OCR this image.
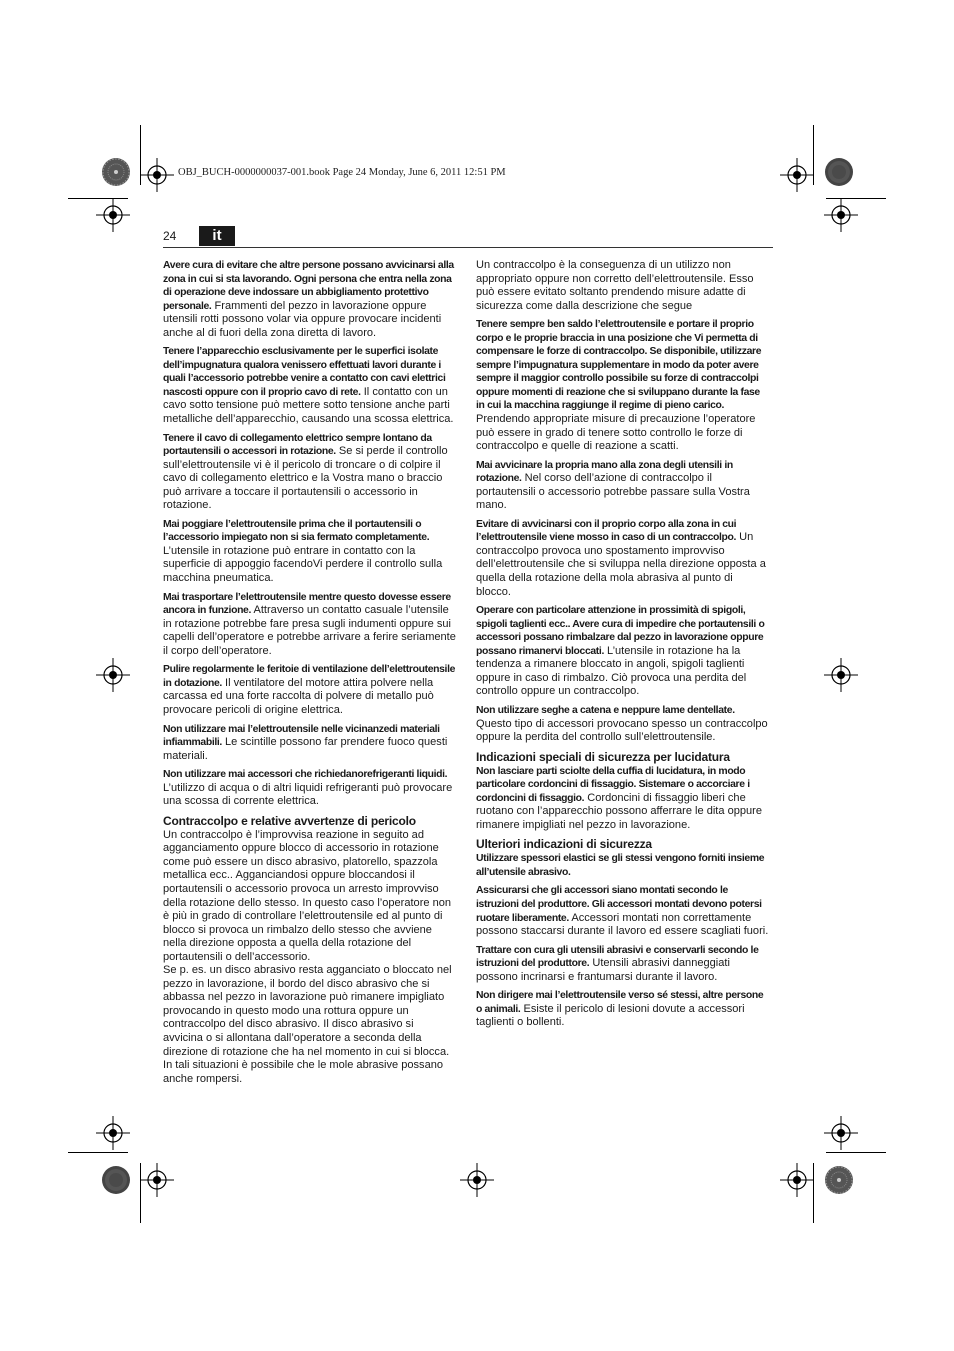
OBJ_BUCH-0000000037-001.book Page 24 Monday, June 6, 2011 12:51 PM
24	it

Avere cura di evitare che altre persone possano avvicinarsi alla zona in cui si sta lavorando. Ogni persona che entra nella zona di operazione deve indossare un abbigliamento protettivo personale. Frammenti del pezzo in lavorazione oppure utensili rotti possono volar via oppure provocare incidenti anche al di fuori della zona diretta di lavoro.

Tenere l’apparecchio esclusivamente per le superfici isolate dell’impugnatura qualora venissero effettuati lavori durante i quali l’accessorio potrebbe venire a contatto con cavi elettrici nascosti oppure con il proprio cavo di rete. Il contatto con un cavo sotto tensione può mettere sotto tensione anche parti metalliche dell’apparecchio, causando una scossa elettrica.

Tenere il cavo di collegamento elettrico sempre lontano da portautensili o accessori in rotazione. Se si perde il controllo sull’elettroutensile vi è il pericolo di troncare o di colpire il cavo di collegamento elettrico e la Vostra mano o braccio può arrivare a toccare il portautensili o accessorio in rotazione.

Mai poggiare l’elettroutensile prima che il portautensili o l’accessorio impiegato non si sia fermato completamente. L’utensile in rotazione può entrare in contatto con la superficie di appoggio facendoVi perdere il controllo sulla macchina pneumatica.

Mai trasportare l’elettroutensile mentre questo dovesse essere ancora in funzione. Attraverso un contatto casuale l’utensile in rotazione potrebbe fare presa sugli indumenti oppure sui capelli dell’operatore e potrebbe arrivare a ferire seriamente il corpo dell’operatore.

Pulire regolarmente le feritoie di ventilazione dell’elettroutensile in dotazione. Il ventilatore del motore attira polvere nella carcassa ed una forte raccolta di polvere di metallo può provocare pericoli di origine elettrica.

Non utilizzare mai l’elettroutensile nelle vicinanzedi materiali infiammabili. Le scintille possono far prendere fuoco questi materiali.

Non utilizzare mai accessori che richiedanorefrigeranti liquidi. L’utilizzo di acqua o di altri liquidi refrigeranti può provocare una scossa di corrente elettrica.

Contraccolpo e relative avvertenze di pericolo

Un contraccolpo è l’improvvisa reazione in seguito ad agganciamento oppure blocco di accessorio in rotazione come può essere un disco abrasivo, platorello, spazzola metallica ecc.. Agganciandosi oppure bloccandosi il portautensili o accessorio provoca un arresto improvviso della rotazione dello stesso. In questo caso l’operatore non è più in grado di controllare l’elettroutensile ed al punto di blocco si provoca un rimbalzo dello stesso che avviene nella direzione opposta a quella della rotazione del portautensili o dell’accessorio.

Se p. es. un disco abrasivo resta agganciato o bloccato nel pezzo in lavorazione, il bordo del disco abrasivo che si abbassa nel pezzo in lavorazione può rimanere impigliato provocando in questo modo una rottura oppure un contraccolpo del disco abrasivo. Il disco abrasivo si avvicina o si allontana dall’operatore a seconda della direzione di rotazione che ha nel momento in cui si blocca. In tali situazioni è possibile che le mole abrasive possano anche rompersi.

Un contraccolpo è la conseguenza di un utilizzo non appropriato oppure non corretto dell’elettroutensile. Esso può essere evitato soltanto prendendo misure adatte di sicurezza come dalla descrizione che segue

Tenere sempre ben saldo l’elettroutensile e portare il proprio corpo e le proprie braccia in una posizione che Vi permetta di compensare le forze di contraccolpo. Se disponibile, utilizzare sempre l’impugnatura supplementare in modo da poter avere sempre il maggior controllo possibile su forze di contraccolpi oppure momenti di reazione che si sviluppano durante la fase in cui la macchina raggiunge il regime di pieno carico. Prendendo appropriate misure di precauzione l’operatore può essere in grado di tenere sotto controllo le forze di contraccolpo e quelle di reazione a scatti.

Mai avvicinare la propria mano alla zona degli utensili in rotazione. Nel corso dell’azione di contraccolpo il portautensili o accessorio potrebbe passare sulla Vostra mano.

Evitare di avvicinarsi con il proprio corpo alla zona in cui l’elettroutensile viene mosso in caso di un contraccolpo. Un contraccolpo provoca uno spostamento improvviso dell’elettroutensile che si sviluppa nella direzione opposta a quella della rotazione della mola abrasiva al punto di blocco.

Operare con particolare attenzione in prossimità di spigoli, spigoli taglienti ecc.. Avere cura di impedire che portautensili o accessori possano rimbalzare dal pezzo in lavorazione oppure possano rimanervi bloccati. L’utensile in rotazione ha la tendenza a rimanere bloccato in angoli, spigoli taglienti oppure in caso di rimbalzo. Ciò provoca una perdita del controllo oppure un contraccolpo.

Non utilizzare seghe a catena e neppure lame dentellate. Questo tipo di accessori provocano spesso un contraccolpo oppure la perdita del controllo sull’elettroutensile.

Indicazioni speciali di sicurezza per lucidatura

Non lasciare parti sciolte della cuffia di lucidatura, in modo particolare cordoncini di fissaggio. Sistemare o accorciare i cordoncini di fissaggio. Cordoncini di fissaggio liberi che ruotano con l’apparecchio possono afferrare le dita oppure rimanere impigliati nel pezzo in lavorazione.

Ulteriori indicazioni di sicurezza

Utilizzare spessori elastici se gli stessi vengono forniti insieme all’utensile abrasivo.

Assicurarsi che gli accessori siano montati secondo le istruzioni del produttore. Gli accessori montati devono potersi ruotare liberamente. Accessori montati non correttamente possono staccarsi durante il lavoro ed essere scagliati fuori.

Trattare con cura gli utensili abrasivi e conservarli secondo le istruzioni del produttore. Utensili abrasivi danneggiati possono incrinarsi e frantumarsi durante il lavoro.

Non dirigere mai l’elettroutensile verso sé stessi, altre persone o animali. Esiste il pericolo di lesioni dovute a accessori taglienti o bollenti.
